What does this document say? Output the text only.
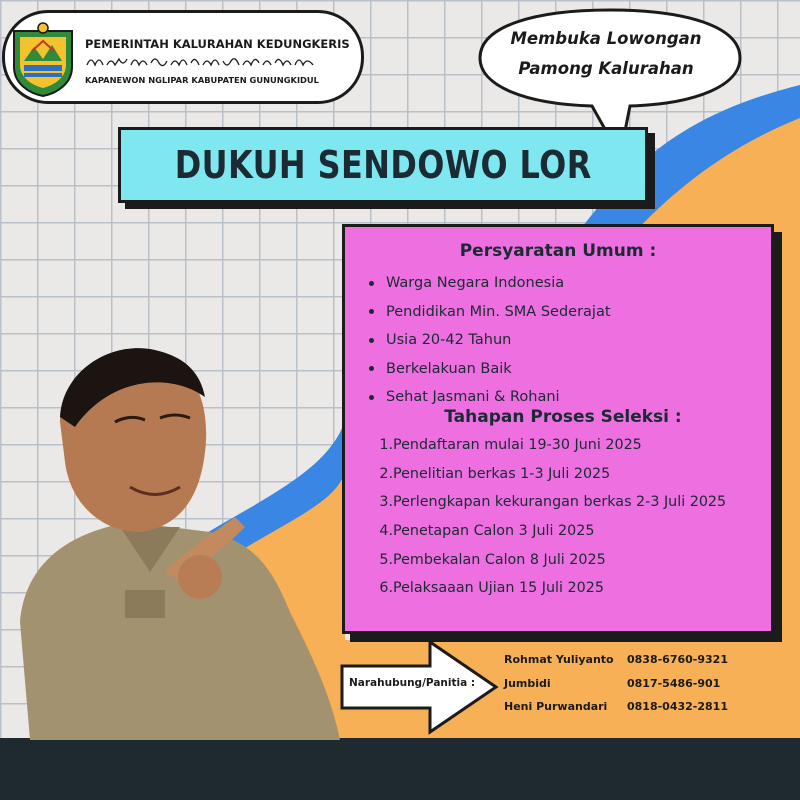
PEMERINTAH KALURAHAN KEDUNGKERIS
KAPANEWON NGLIPAR KABUPATEN GUNUNGKIDUL
Membuka Lowongan
Pamong Kalurahan
DUKUH SENDOWO LOR
Persyaratan Umum :
Warga Negara Indonesia
Pendidikan Min. SMA Sederajat
Usia 20-42 Tahun
Berkelakuan Baik
Sehat Jasmani & Rohani
Tahapan Proses Seleksi :
1. Pendaftaran mulai 19-30 Juni 2025
2. Penelitian berkas 1-3 Juli 2025
3. Perlengkapan kekurangan berkas 2-3 Juli 2025
4. Penetapan Calon 3 Juli 2025
5. Pembekalan Calon 8 Juli 2025
6. Pelaksaaan Ujian 15 Juli 2025
Narahubung/Panitia :
Rohmat Yuliyanto 0838-6760-9321
Jumbidi	0817-5486-901
Heni Purwandari 0818-0432-2811
